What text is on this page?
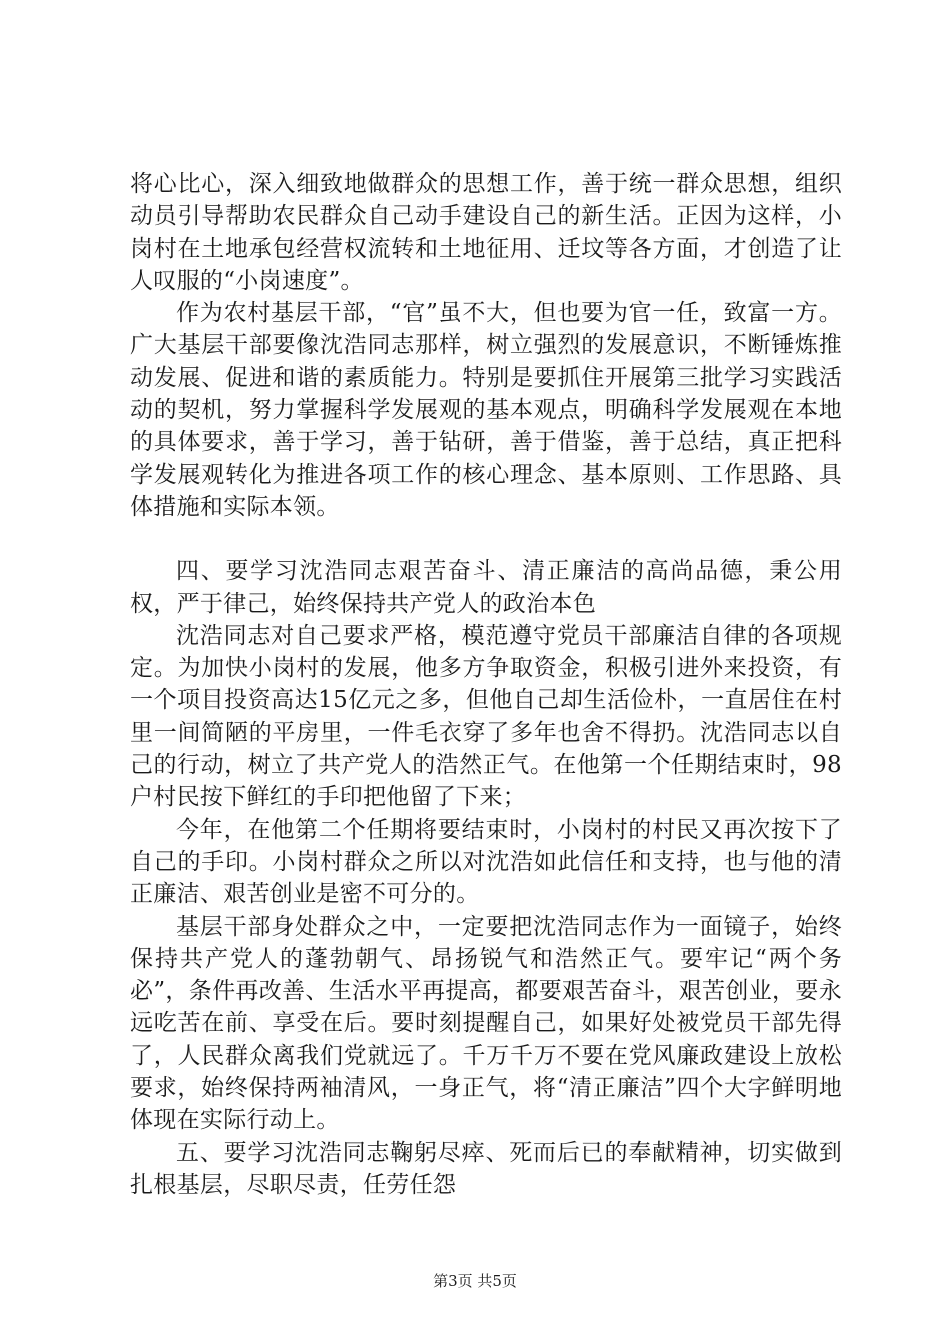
将心比心，深入细致地做群众的思想工作，善于统一群众思想，组织动员引导帮助农民群众自己动手建设自己的新生活。正因为这样，小岗村在土地承包经营权流转和土地征用、迁坟等各方面，才创造了让人叹服的“小岗速度”。

作为农村基层干部，“官”虽不大，但也要为官一任，致富一方。广大基层干部要像沈浩同志那样，树立强烈的发展意识，不断锤炼推动发展、促进和谐的素质能力。特别是要抓住开展第三批学习实践活动的契机，努力掌握科学发展观的基本观点，明确科学发展观在本地的具体要求，善于学习，善于钻研，善于借鉴，善于总结，真正把科学发展观转化为推进各项工作的核心理念、基本原则、工作思路、具体措施和实际本领。

四、要学习沈浩同志艰苦奋斗、清正廉洁的高尚品德，秉公用权，严于律己，始终保持共产党人的政治本色

沈浩同志对自己要求严格，模范遵守党员干部廉洁自律的各项规定。为加快小岗村的发展，他多方争取资金，积极引进外来投资，有一个项目投资高达15亿元之多，但他自己却生活俭朴，一直居住在村里一间简陋的平房里，一件毛衣穿了多年也舍不得扔。沈浩同志以自己的行动，树立了共产党人的浩然正气。在他第一个任期结束时，98户村民按下鲜红的手印把他留了下来；

今年，在他第二个任期将要结束时，小岗村的村民又再次按下了自己的手印。小岗村群众之所以对沈浩如此信任和支持，也与他的清正廉洁、艰苦创业是密不可分的。

基层干部身处群众之中，一定要把沈浩同志作为一面镜子，始终保持共产党人的蓬勃朝气、昂扬锐气和浩然正气。要牢记“两个务必”，条件再改善、生活水平再提高，都要艰苦奋斗，艰苦创业，要永远吃苦在前、享受在后。要时刻提醒自己，如果好处被党员干部先得了，人民群众离我们党就远了。千万千万不要在党风廉政建设上放松要求，始终保持两袖清风，一身正气，将“清正廉洁”四个大字鲜明地体现在实际行动上。

五、要学习沈浩同志鞠躬尽瘁、死而后已的奉献精神，切实做到扎根基层，尽职尽责，任劳任怨

第3页 共5页
